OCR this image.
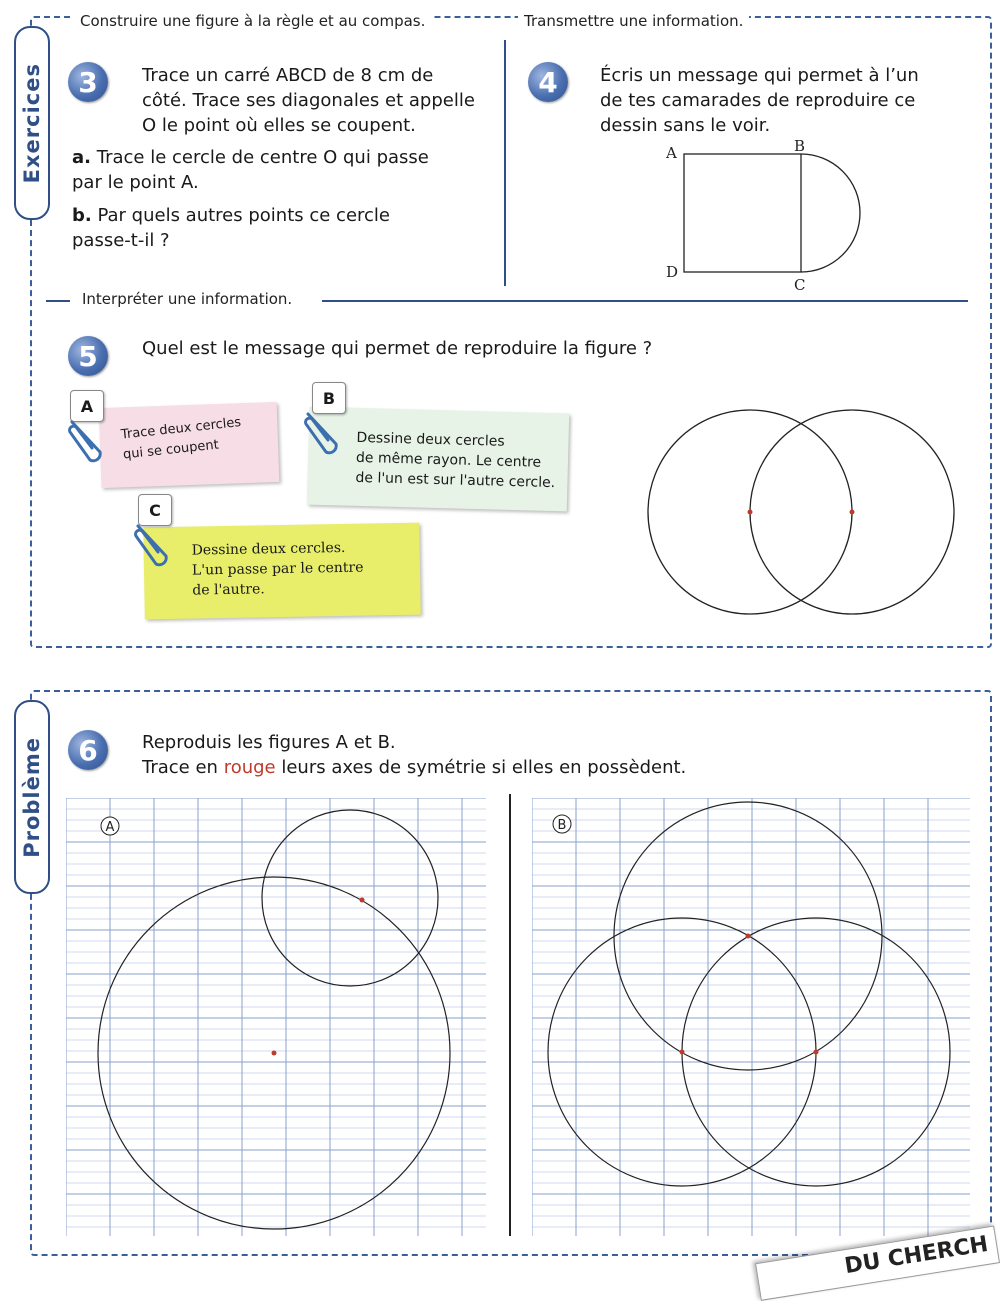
Exercices
Construire une figure à la règle et au compas.	Transmettre une information.
3	Trace un carré ABCD de 8 cm de
côté. Trace ses diagonales et appelle
O le point où elles se coupent.
a. Trace le cercle de centre O qui passe
par le point A.
b. Par quels autres points ce cercle
passe-t-il ?
4	Écris un message qui permet à l’un
de tes camarades de reproduire ce
dessin sans le voir.
A	B
C
D
Interpréter une information.
5	Quel est le message qui permet de reproduire la figure ?
Trace deux cercles
qui se coupent
A
Dessine deux cercles
de même rayon. Le centre
de l'un est sur l'autre cercle.
B
Dessine deux cercles.
L'un passe par le centre
de l'autre.
C
Problème	6	Reproduis les figures A et B.
Trace en rouge leurs axes de symétrie si elles en possèdent.
A	B
DU CHERCH
